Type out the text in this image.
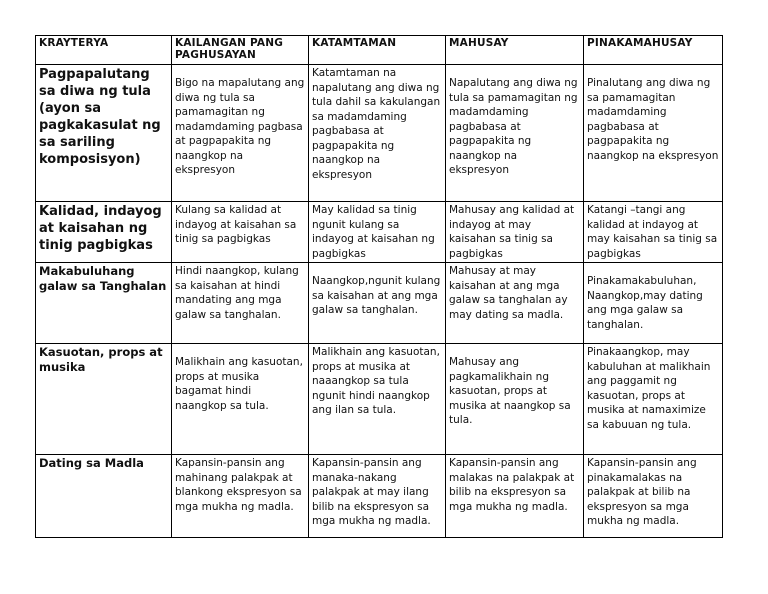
KRAYTERYA	KAILANGAN PANG PAGHUSAYAN	KATAMTAMAN	MAHUSAY	PINAKAMAHUSAY
Pagpapalutang sa diwa ng tula (ayon sa pagkakasulat ng sa sariling komposisyon)	Bigo na mapalutang ang diwa ng tula sa pamamagitan ng madamdaming pagbasa at pagpapakita ng naangkop na ekspresyon	Katamtaman na napalutang ang diwa ng tula dahil sa kakulangan sa madamdaming pagbabasa at pagpapakita ng naangkop na ekspresyon	Napalutang ang diwa ng tula sa pamamagitan ng madamdaming pagbabasa at pagpapakita ng naangkop na ekspresyon	Pinalutang ang diwa ng sa pamamagitan madamdaming pagbabasa at pagpapakita ng naangkop na ekspresyon
Kalidad, indayog at kaisahan ng tinig pagbigkas	Kulang sa kalidad at indayog at kaisahan sa tinig sa pagbigkas	May kalidad sa tinig ngunit kulang sa indayog at kaisahan ng pagbigkas	Mahusay ang kalidad at indayog at may kaisahan sa tinig sa pagbigkas	Katangi –tangi ang kalidad at indayog at may kaisahan sa tinig sa pagbigkas
Makabuluhang galaw sa Tanghalan	Hindi naangkop, kulang sa kaisahan at hindi mandating ang mga galaw sa tanghalan.	Naangkop,ngunit kulang sa kaisahan at ang mga galaw sa tanghalan.	Mahusay at may kaisahan at ang mga galaw sa tanghalan ay may dating sa madla.	Pinakamakabuluhan, Naangkop,may dating ang mga galaw sa tanghalan.
Kasuotan, props at musika	Malikhain ang kasuotan, props at musika bagamat hindi naangkop sa tula.	Malikhain ang kasuotan, props at musika at naaangkop sa tula ngunit hindi naangkop ang ilan sa tula.	Mahusay ang pagkamalikhain ng kasuotan, props at musika at naangkop sa tula.	Pinakaangkop, may kabuluhan at malikhain ang paggamit ng kasuotan, props at musika at namaximize sa kabuuan ng tula.
Dating sa Madla	Kapansin-pansin ang mahinang palakpak at blankong ekspresyon sa mga mukha ng madla.	Kapansin-pansin ang manaka-nakang palakpak at may ilang bilib na ekspresyon sa mga mukha ng madla.	Kapansin-pansin ang malakas na palakpak at bilib na ekspresyon sa mga mukha ng madla.	Kapansin-pansin ang pinakamalakas na palakpak at bilib na ekspresyon sa mga mukha ng madla.
